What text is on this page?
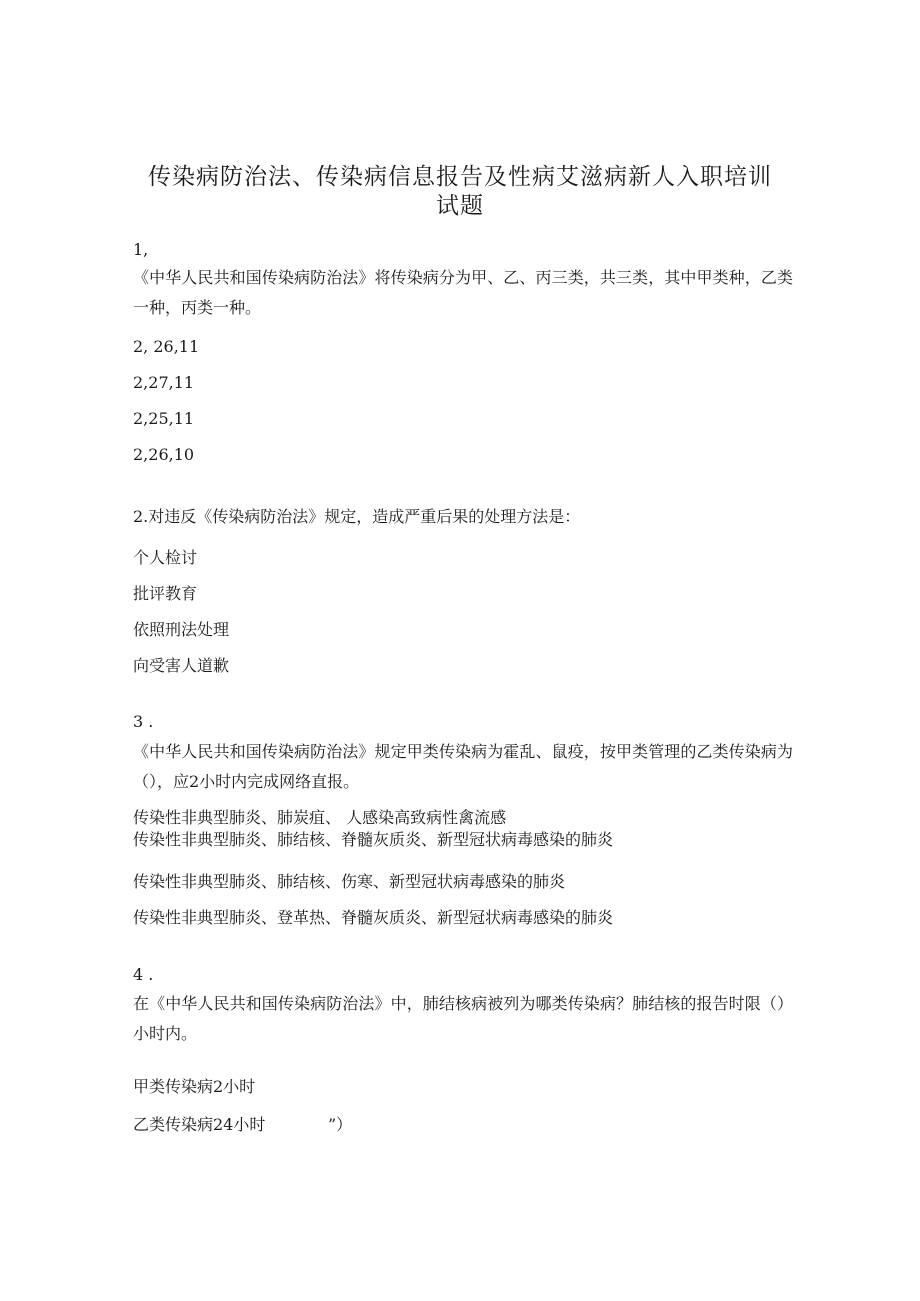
传染病防治法、传染病信息报告及性病艾滋病新人入职培训
试题
1,
《中华人民共和国传染病防治法》将传染病分为甲、乙、丙三类，共三类，其中甲类种，乙类一种，丙类一种。
2, 26,11
2,27,11
2,25,11
2,26,10
2.对违反《传染病防治法》规定，造成严重后果的处理方法是：
个人检讨
批评教育
依照刑法处理
向受害人道歉
3 .
《中华人民共和国传染病防治法》规定甲类传染病为霍乱、鼠疫，按甲类管理的乙类传染病为（），应2小时内完成网络直报。
传染性非典型肺炎、肺炭疽、 人感染高致病性禽流感
传染性非典型肺炎、肺结核、脊髓灰质炎、新型冠状病毒感染的肺炎
传染性非典型肺炎、肺结核、伤寒、新型冠状病毒感染的肺炎
传染性非典型肺炎、登革热、脊髓灰质炎、新型冠状病毒感染的肺炎
4 .
在《中华人民共和国传染病防治法》中，肺结核病被列为哪类传染病？肺结核的报告时限（）小时内。
甲类传染病2小时
乙类传染病24小时	”）
